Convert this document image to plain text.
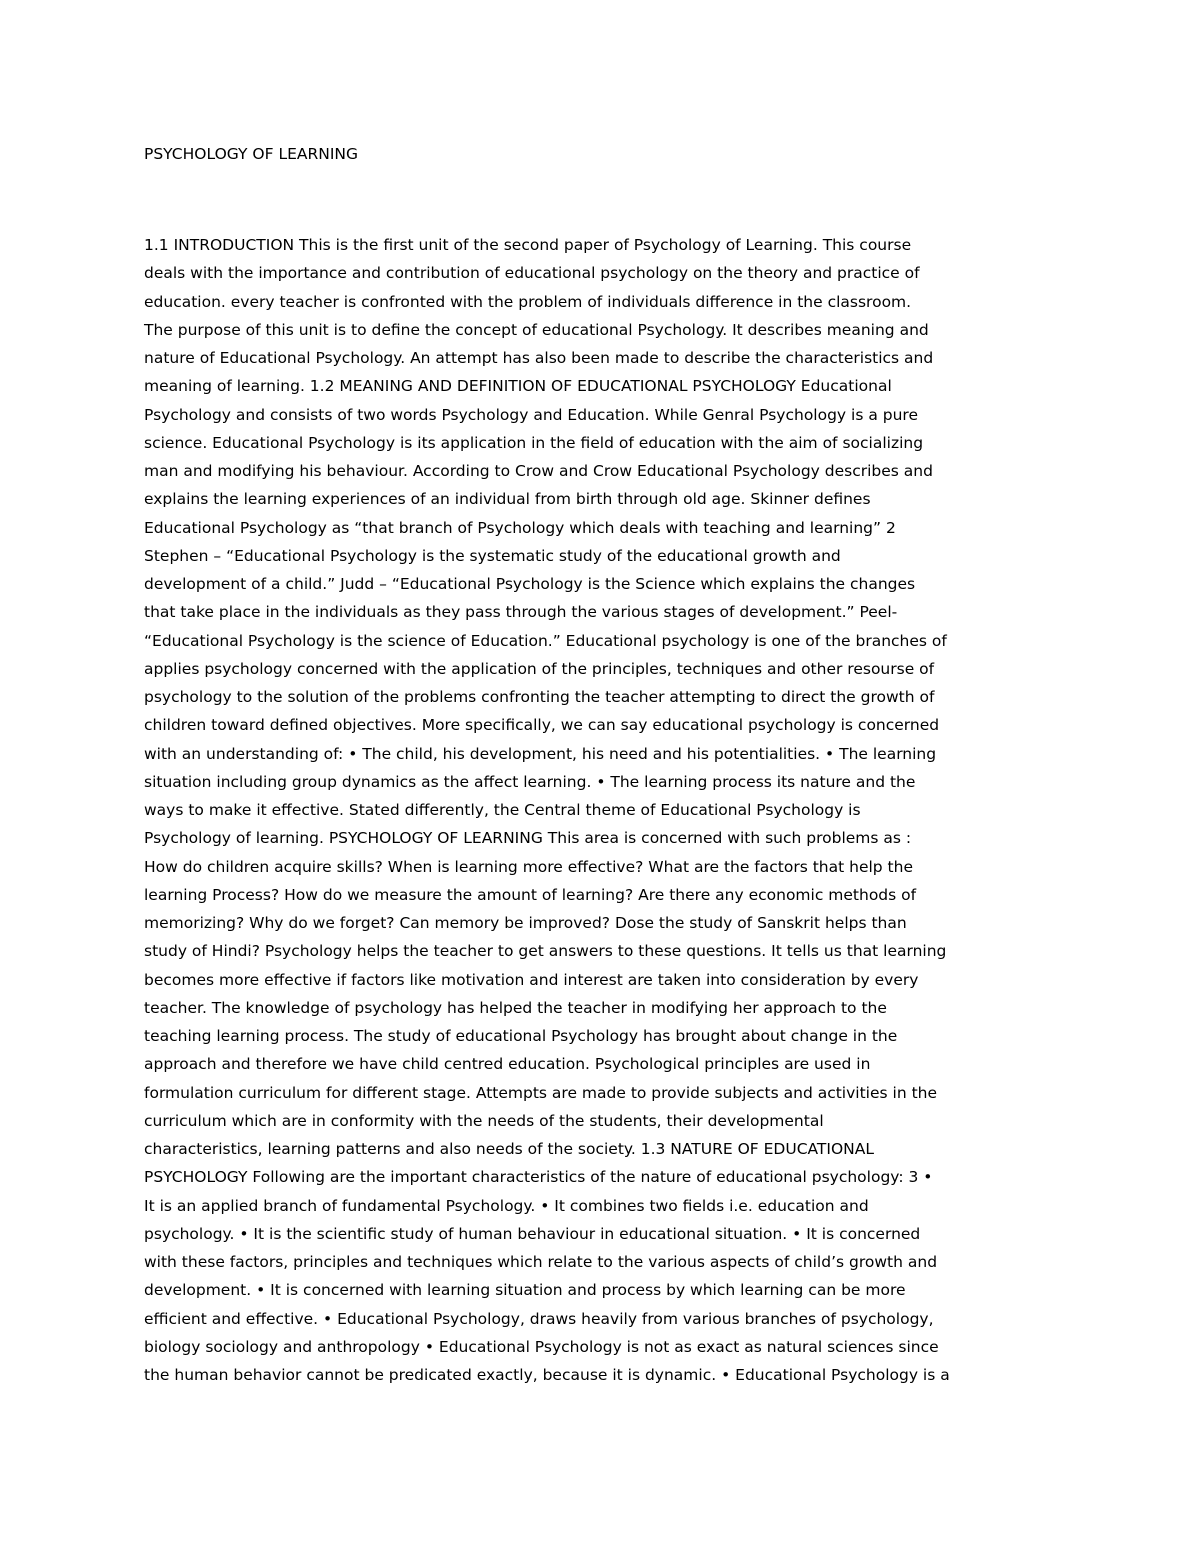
PSYCHOLOGY OF LEARNING
1.1 INTRODUCTION This is the first unit of the second paper of Psychology of Learning. This course
deals with the importance and contribution of educational psychology on the theory and practice of
education. every teacher is confronted with the problem of individuals difference in the classroom.
The purpose of this unit is to define the concept of educational Psychology. It describes meaning and
nature of Educational Psychology. An attempt has also been made to describe the characteristics and
meaning of learning. 1.2 MEANING AND DEFINITION OF EDUCATIONAL PSYCHOLOGY Educational
Psychology and consists of two words Psychology and Education. While Genral Psychology is a pure
science. Educational Psychology is its application in the field of education with the aim of socializing
man and modifying his behaviour. According to Crow and Crow Educational Psychology describes and
explains the learning experiences of an individual from birth through old age. Skinner defines
Educational Psychology as “that branch of Psychology which deals with teaching and learning” 2
Stephen – “Educational Psychology is the systematic study of the educational growth and
development of a child.” Judd – “Educational Psychology is the Science which explains the changes
that take place in the individuals as they pass through the various stages of development.” Peel-
“Educational Psychology is the science of Education.” Educational psychology is one of the branches of
applies psychology concerned with the application of the principles, techniques and other resourse of
psychology to the solution of the problems confronting the teacher attempting to direct the growth of
children toward defined objectives. More specifically, we can say educational psychology is concerned
with an understanding of: • The child, his development, his need and his potentialities. • The learning
situation including group dynamics as the affect learning. • The learning process its nature and the
ways to make it effective. Stated differently, the Central theme of Educational Psychology is
Psychology of learning. PSYCHOLOGY OF LEARNING This area is concerned with such problems as :
How do children acquire skills? When is learning more effective? What are the factors that help the
learning Process? How do we measure the amount of learning? Are there any economic methods of
memorizing? Why do we forget? Can memory be improved? Dose the study of Sanskrit helps than
study of Hindi? Psychology helps the teacher to get answers to these questions. It tells us that learning
becomes more effective if factors like motivation and interest are taken into consideration by every
teacher. The knowledge of psychology has helped the teacher in modifying her approach to the
teaching learning process. The study of educational Psychology has brought about change in the
approach and therefore we have child centred education. Psychological principles are used in
formulation curriculum for different stage. Attempts are made to provide subjects and activities in the
curriculum which are in conformity with the needs of the students, their developmental
characteristics, learning patterns and also needs of the society. 1.3 NATURE OF EDUCATIONAL
PSYCHOLOGY Following are the important characteristics of the nature of educational psychology: 3 •
It is an applied branch of fundamental Psychology. • It combines two fields i.e. education and
psychology. • It is the scientific study of human behaviour in educational situation. • It is concerned
with these factors, principles and techniques which relate to the various aspects of child’s growth and
development. • It is concerned with learning situation and process by which learning can be more
efficient and effective. • Educational Psychology, draws heavily from various branches of psychology,
biology sociology and anthropology • Educational Psychology is not as exact as natural sciences since
the human behavior cannot be predicated exactly, because it is dynamic. • Educational Psychology is a
